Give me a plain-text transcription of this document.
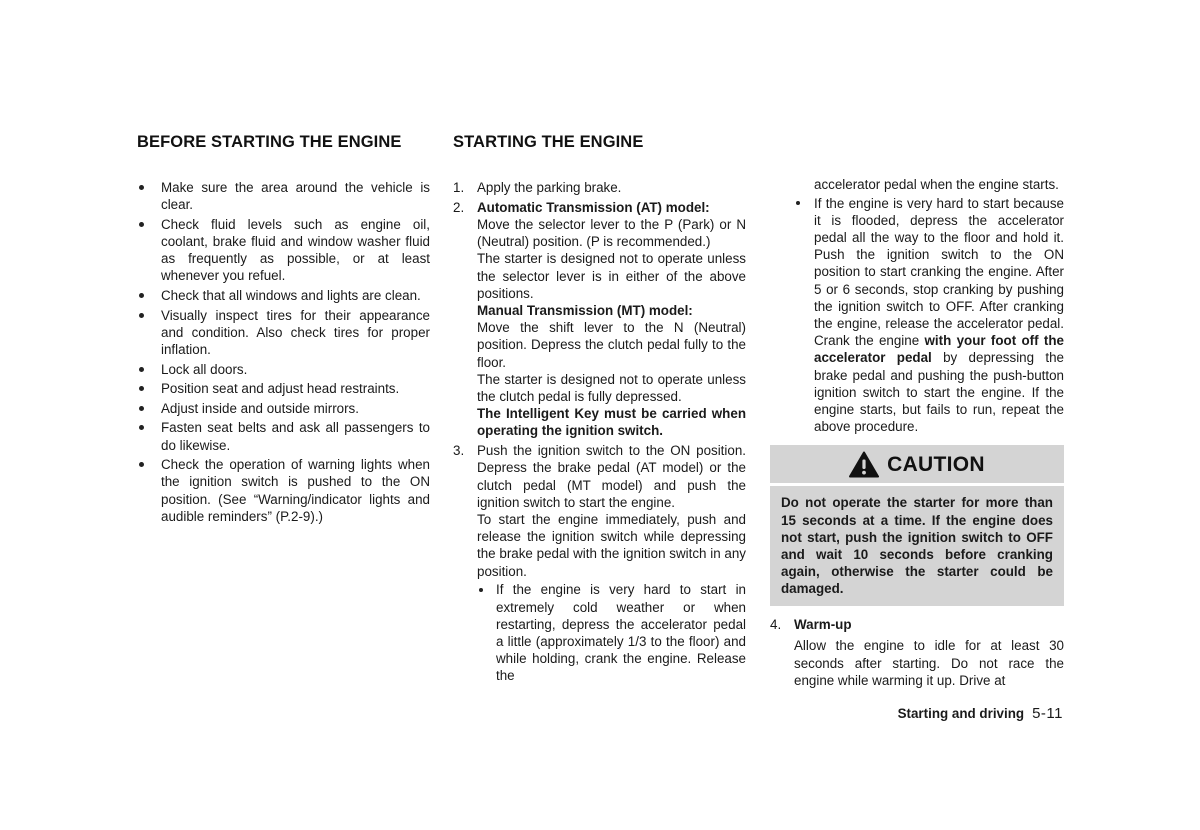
BEFORE STARTING THE ENGINE
Make sure the area around the vehicle is clear.
Check fluid levels such as engine oil, coolant, brake fluid and window washer fluid as frequently as possible, or at least whenever you refuel.
Check that all windows and lights are clean.
Visually inspect tires for their appearance and condition. Also check tires for proper inflation.
Lock all doors.
Position seat and adjust head restraints.
Adjust inside and outside mirrors.
Fasten seat belts and ask all passengers to do likewise.
Check the operation of warning lights when the ignition switch is pushed to the ON position. (See “Warning/indicator lights and audible reminders” (P.2-9).)
STARTING THE ENGINE
1. Apply the parking brake.

2. Automatic Transmission (AT) model:

Move the selector lever to the P (Park) or N (Neutral) position. (P is recommended.)

The starter is designed not to operate unless the selector lever is in either of the above positions.

Manual Transmission (MT) model:

Move the shift lever to the N (Neutral) position. Depress the clutch pedal fully to the floor.

The starter is designed not to operate unless the clutch pedal is fully depressed.

The Intelligent Key must be carried when operating the ignition switch.

3. Push the ignition switch to the ON position. Depress the brake pedal (AT model) or the clutch pedal (MT model) and push the ignition switch to start the engine.

To start the engine immediately, push and release the ignition switch while depressing the brake pedal with the ignition switch in any position.

If the engine is very hard to start in extremely cold weather or when restarting, depress the accelerator pedal a little (approximately 1/3 to the floor) and while holding, crank the engine. Release the
accelerator pedal when the engine starts.
If the engine is very hard to start because it is flooded, depress the accelerator pedal all the way to the floor and hold it. Push the ignition switch to the ON position to start cranking the engine. After 5 or 6 seconds, stop cranking by pushing the ignition switch to OFF. After cranking the engine, release the accelerator pedal. Crank the engine with your foot off the accelerator pedal by depressing the brake pedal and pushing the push-button ignition switch to start the engine. If the engine starts, but fails to run, repeat the above procedure.
CAUTION
Do not operate the starter for more than 15 seconds at a time. If the engine does not start, push the ignition switch to OFF and wait 10 seconds before cranking again, otherwise the starter could be damaged.
4. Warm-up

Allow the engine to idle for at least 30 seconds after starting. Do not race the engine while warming it up. Drive at

Starting and driving 5-11
